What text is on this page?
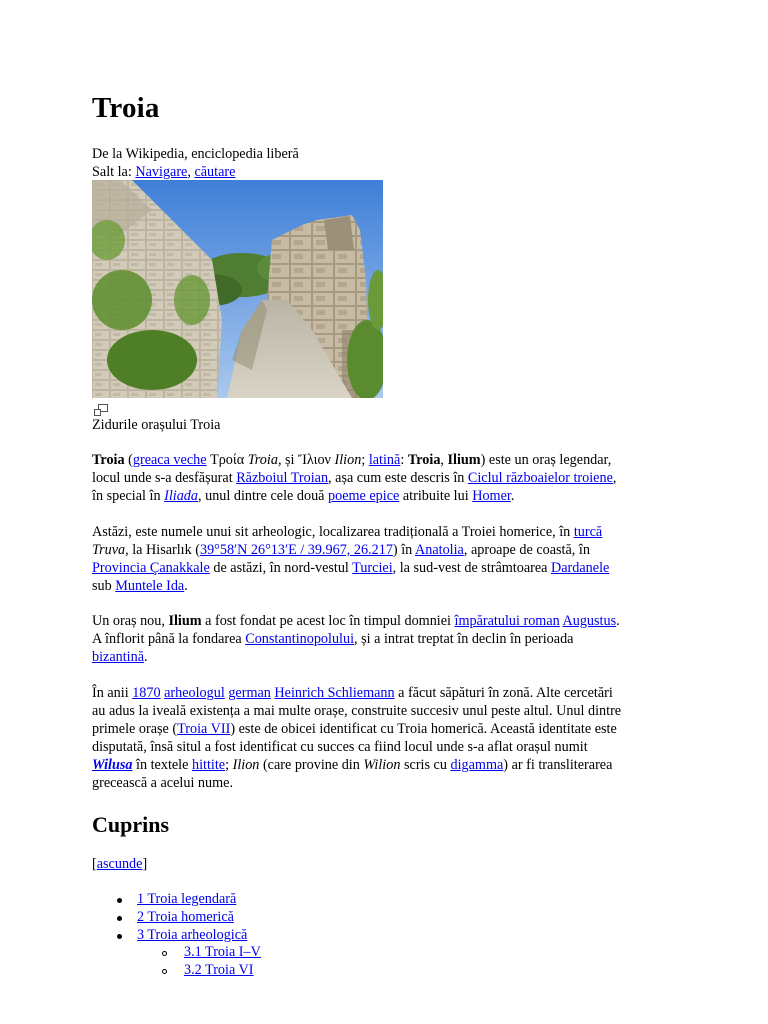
Troia
De la Wikipedia, enciclopedia liberă
Salt la: Navigare, căutare
Zidurile orașului Troia
Troia (greaca veche Τροία Troia, și Ἴλιον Ilion; latină: Troia, Ilium) este un oraș legendar,
locul unde s-a desfășurat Războiul Troian, așa cum este descris în Ciclul războaielor troiene,
în special în Iliada, unul dintre cele două poeme epice atribuite lui Homer.
Astăzi, este numele unui sit arheologic, localizarea tradițională a Troiei homerice, în turcă
Truva, la Hisarlık (39°58′N 26°13′E / 39.967, 26.217) în Anatolia, aproape de coastă, în
Provincia Çanakkale de astăzi, în nord-vestul Turciei, la sud-vest de strâmtoarea Dardanele
sub Muntele Ida.
Un oraș nou, Ilium a fost fondat pe acest loc în timpul domniei împăratului roman Augustus.
A înflorit până la fondarea Constantinopolului, și a intrat treptat în declin în perioada
bizantină.
În anii 1870 arheologul german Heinrich Schliemann a făcut săpături în zonă. Alte cercetări
au adus la iveală existența a mai multe orașe, construite succesiv unul peste altul. Unul dintre
primele orașe (Troia VII) este de obicei identificat cu Troia homerică. Această identitate este
disputată, însă situl a fost identificat cu succes ca fiind locul unde s-a aflat orașul numit
Wilusa în textele hittite; Ilion (care provine din Wilion scris cu digamma) ar fi transliterarea
grecească a acelui nume.
Cuprins
[ascunde]
1 Troia legendară
2 Troia homerică
3 Troia arheologică
3.1 Troia I–V
3.2 Troia VI
